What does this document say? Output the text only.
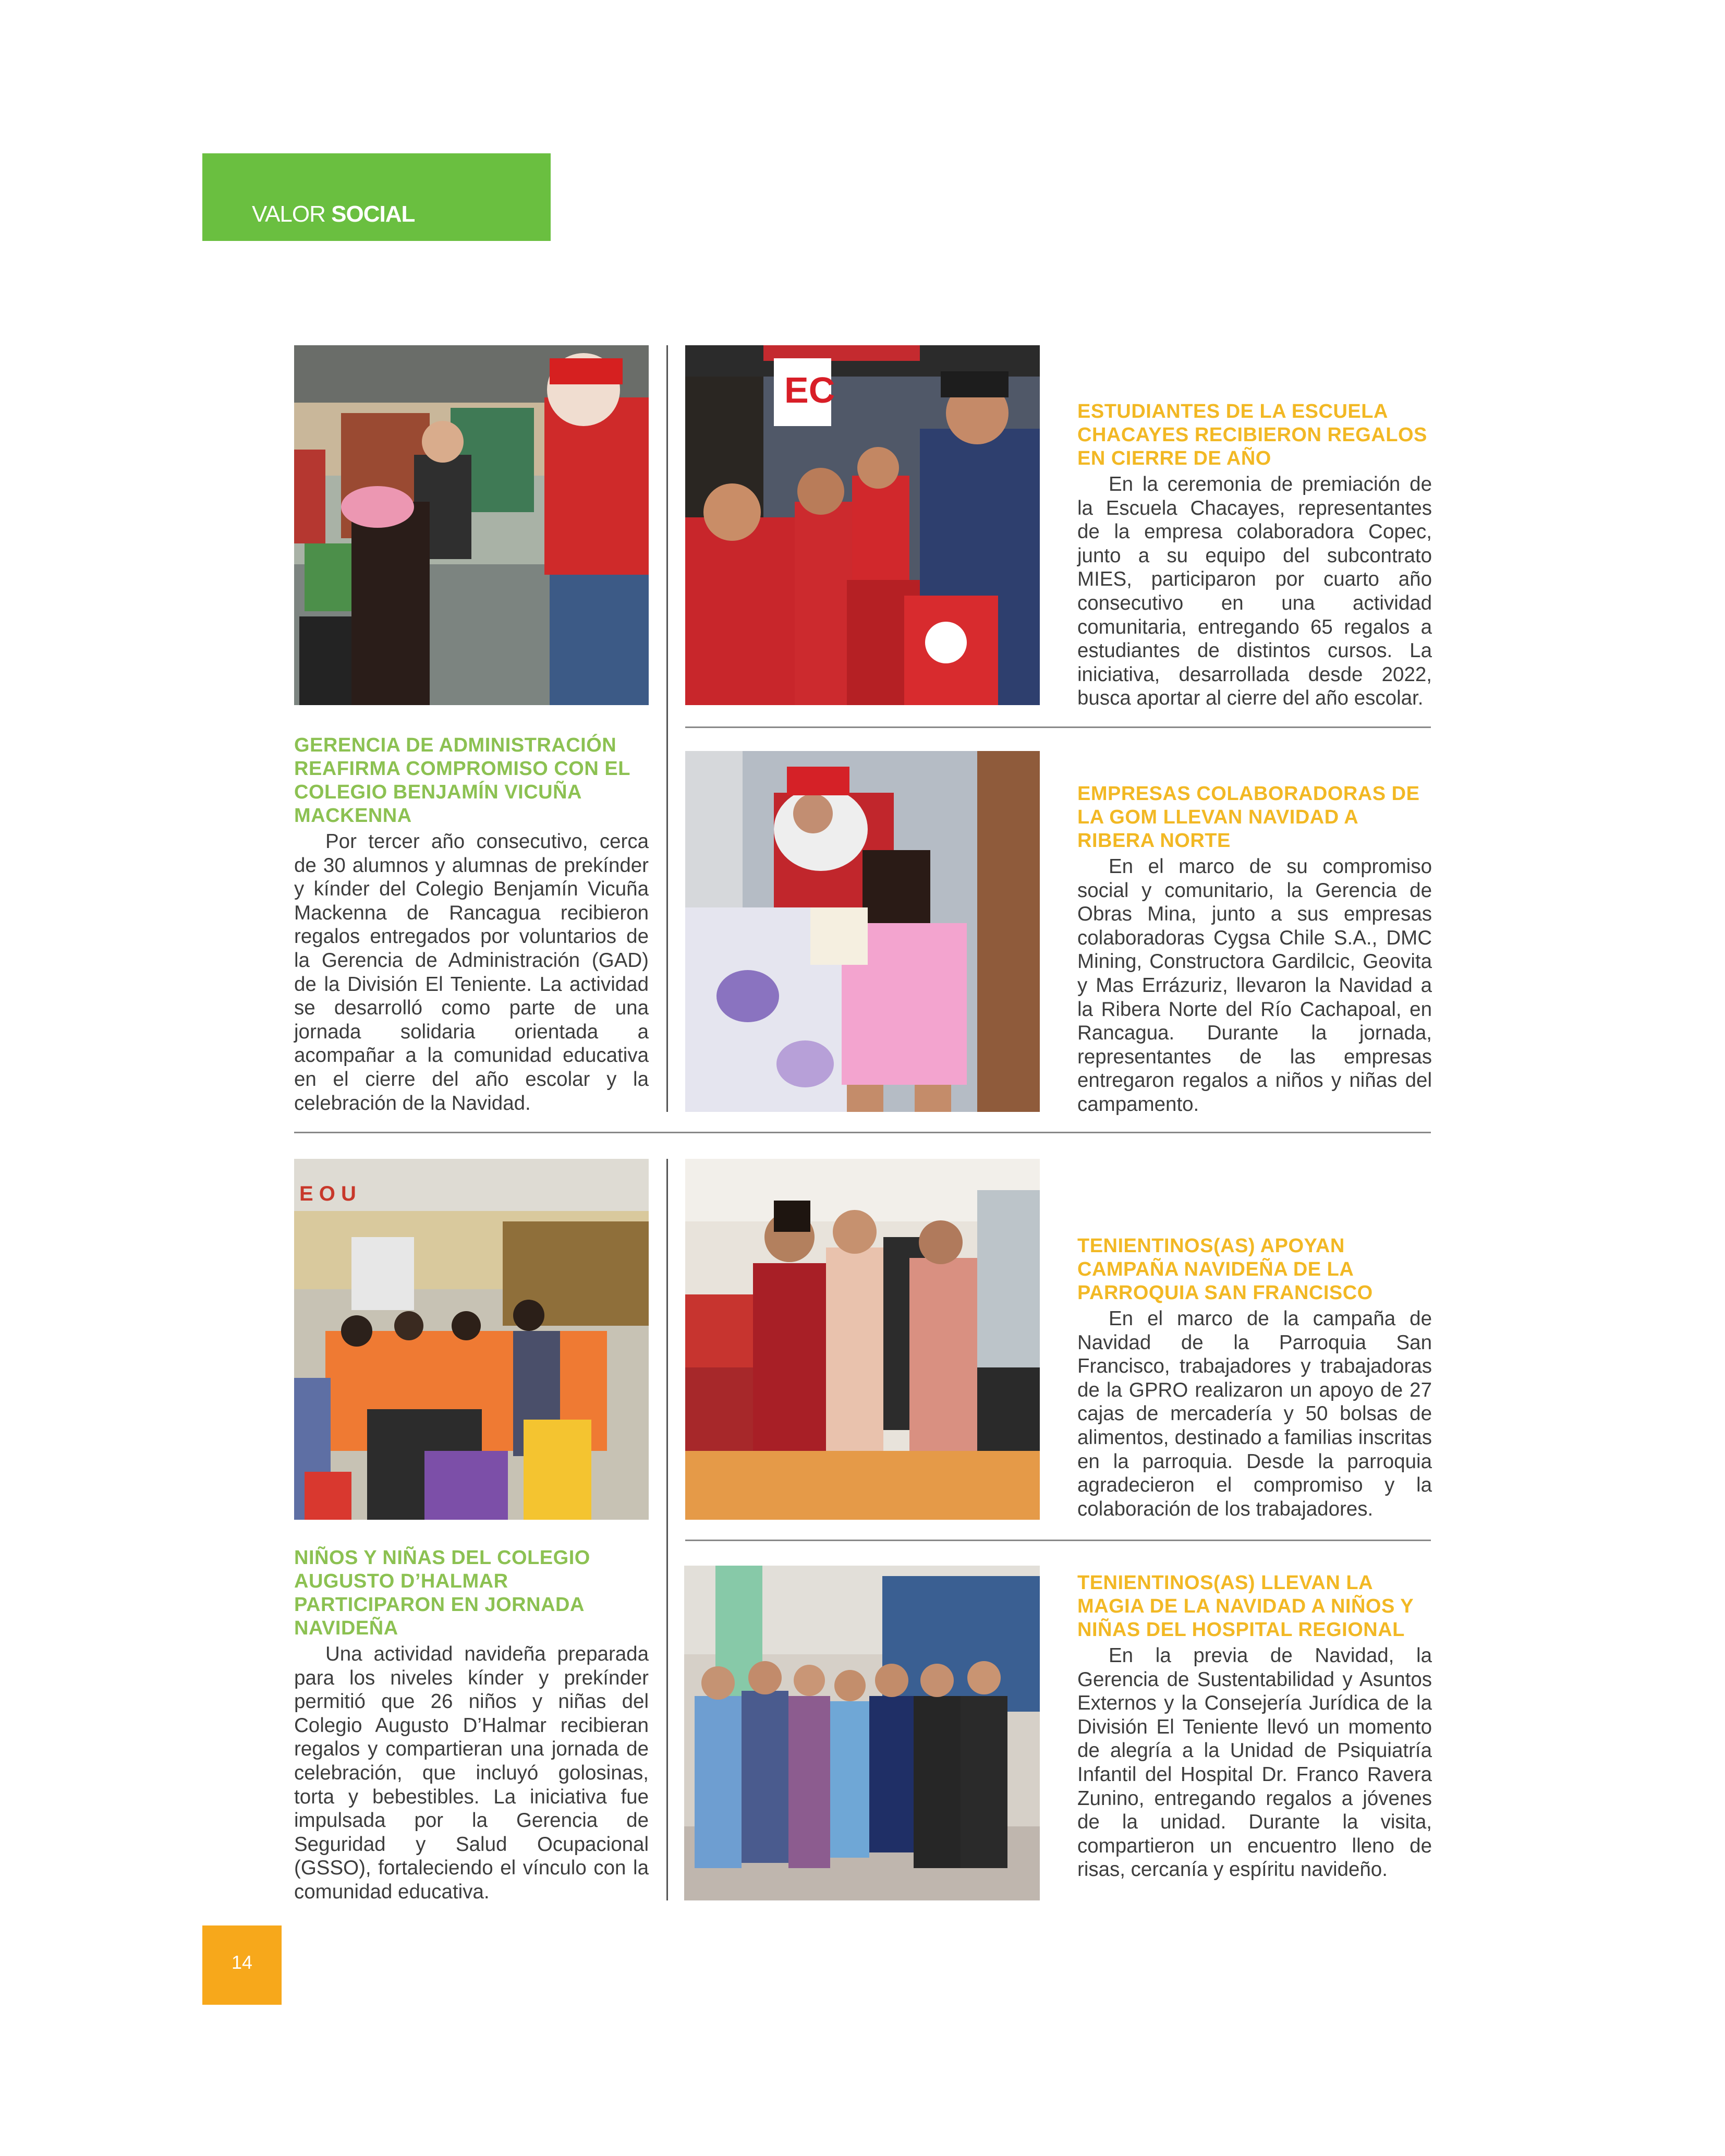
VALOR SOCIAL
EC
ESTUDIANTES DE LA ESCUELA CHACAYES RECIBIERON REGALOS EN CIERRE DE AÑO

En la ceremonia de premiación de la Escuela Chacayes, representantes de la empresa colaboradora Copec, junto a su equipo del subcontrato MIES, participaron por cuarto año consecutivo en una actividad comunitaria, entregando 65 regalos a estudiantes de distintos cursos. La iniciativa, desarrollada desde 2022, busca aportar al cierre del año escolar.

GERENCIA DE ADMINISTRACIÓN REAFIRMA COMPROMISO CON EL COLEGIO BENJAMÍN VICUÑA MACKENNA

Por tercer año consecutivo, cerca de 30 alumnos y alumnas de prekínder y kínder del Colegio Benjamín Vicuña Mackenna de Rancagua recibieron regalos entregados por voluntarios de la Gerencia de Administración (GAD) de la División El Teniente. La actividad se desarrolló como parte de una jornada solidaria orientada a acompañar a la comunidad educativa en el cierre del año escolar y la celebración de la Navidad.

EMPRESAS COLABORADORAS DE LA GOM LLEVAN NAVIDAD A RIBERA NORTE

En el marco de su compromiso social y comunitario, la Gerencia de Obras Mina, junto a sus empresas colaboradoras Cygsa Chile S.A., DMC Mining, Constructora Gardilcic, Geovita y Mas Errázuriz, llevaron la Navidad a la Ribera Norte del Río Cachapoal, en Rancagua. Durante la jornada, representantes de las empresas entregaron regalos a niños y niñas del campamento.

E O U
TENIENTINOS(AS) APOYAN CAMPAÑA NAVIDEÑA DE LA PARROQUIA SAN FRANCISCO

En el marco de la campaña de Navidad de la Parroquia San Francisco, trabajadores y trabajadoras de la GPRO realizaron un apoyo de 27 cajas de mercadería y 50 bolsas de alimentos, destinado a familias inscritas en la parroquia. Desde la parroquia agradecieron el compromiso y la colaboración de los trabajadores.

NIÑOS Y NIÑAS DEL COLEGIO AUGUSTO D’HALMAR PARTICIPARON EN JORNADA NAVIDEÑA

Una actividad navideña preparada para los niveles kínder y prekínder permitió que 26 niños y niñas del Colegio Augusto D’Halmar recibieran regalos y compartieran una jornada de celebración, que incluyó golosinas, torta y bebestibles. La iniciativa fue impulsada por la Gerencia de Seguridad y Salud Ocupacional (GSSO), fortaleciendo el vínculo con la comunidad educativa.

TENIENTINOS(AS) LLEVAN LA MAGIA DE LA NAVIDAD A NIÑOS Y NIÑAS DEL HOSPITAL REGIONAL

En la previa de Navidad, la Gerencia de Sustentabilidad y Asuntos Externos y la Consejería Jurídica de la División El Teniente llevó un momento de alegría a la Unidad de Psiquiatría Infantil del Hospital Dr. Franco Ravera Zunino, entregando regalos a jóvenes de la unidad. Durante la visita, compartieron un encuentro lleno de risas, cercanía y espíritu navideño.

14
